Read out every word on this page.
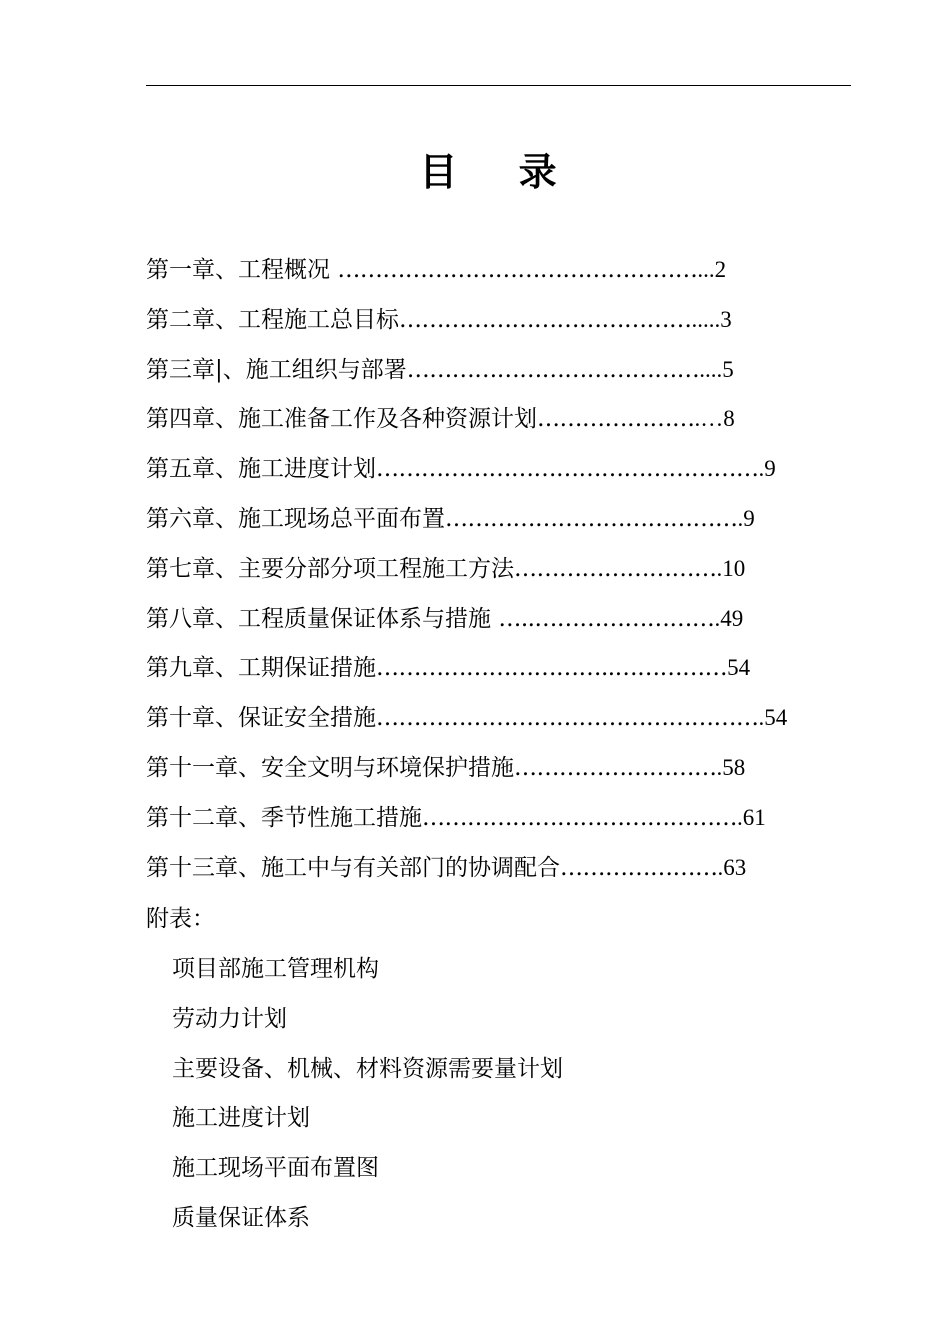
目 录
第一章、工程概况 …………………………………………...2
第二章、工程施工总目标………………………………….....3
第三章|、施工组织与部署…………………………………....5
第四章、施工准备工作及各种资源计划………………….…8
第五章、施工进度计划…………………………………………….9
第六章、施工现场总平面布置………………………………….9
第七章、主要分部分项工程施工方法……………………….10
第八章、工程质量保证体系与措施 …..…………………….49
第九章、工期保证措施…………………………..……………54
第十章、保证安全措施…………………………………………….54
第十一章、安全文明与环境保护措施……………………….58
第十二章、季节性施工措施…………………………………….61
第十三章、施工中与有关部门的协调配合………………….63

附表：

项目部施工管理机构
劳动力计划
主要设备、机械、材料资源需要量计划
施工进度计划
施工现场平面布置图
质量保证体系
